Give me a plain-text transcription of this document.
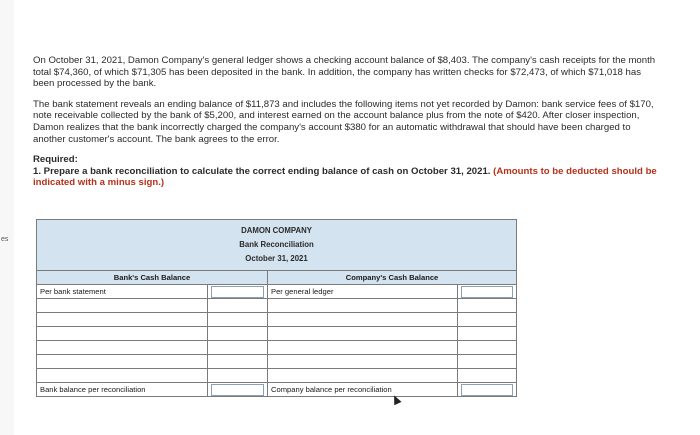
es

On October 31, 2021, Damon Company's general ledger shows a checking account balance of $8,403. The company's cash receipts for the month total $74,360, of which $71,305 has been deposited in the bank. In addition, the company has written checks for $72,473, of which $71,018 has been processed by the bank.

The bank statement reveals an ending balance of $11,873 and includes the following items not yet recorded by Damon: bank service fees of $170, note receivable collected by the bank of $5,200, and interest earned on the account balance plus from the note of $420. After closer inspection, Damon realizes that the bank incorrectly charged the company's account $380 for an automatic withdrawal that should have been charged to another customer's account. The bank agrees to the error.

Required:

1. Prepare a bank reconciliation to calculate the correct ending balance of cash on October 31, 2021. (Amounts to be deducted should be indicated with a minus sign.)

DAMON COMPANY
Bank Reconciliation
October 31, 2021			

Bank's Cash Balance		Company's Cash Balance	
Per bank statement		Per general ledger	

Bank balance per reconciliation		Company balance per reconciliation	
